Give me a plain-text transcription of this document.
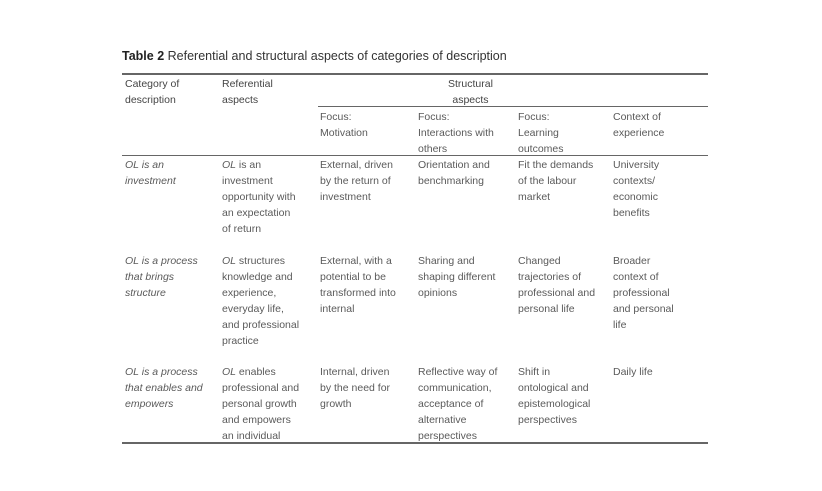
Table 2 Referential and structural aspects of categories of description
Category of
description
Referential
aspects
Structural
aspects
Focus:
Motivation
Focus:
Interactions with
others
Focus:
Learning
outcomes
Context of
experience
OL is an
investment
OL is an
investment
opportunity with
an expectation
of return
External, driven
by the return of
investment
Orientation and
benchmarking
Fit the demands
of the labour
market
University
contexts/
economic
benefits
OL is a process
that brings
structure
OL structures
knowledge and
experience,
everyday life,
and professional
practice
External, with a
potential to be
transformed into
internal
Sharing and
shaping different
opinions
Changed
trajectories of
professional and
personal life
Broader
context of
professional
and personal
life
OL is a process
that enables and
empowers
OL enables
professional and
personal growth
and empowers
an individual
Internal, driven
by the need for
growth
Reflective way of
communication,
acceptance of
alternative
perspectives
Shift in
ontological and
epistemological
perspectives
Daily life
